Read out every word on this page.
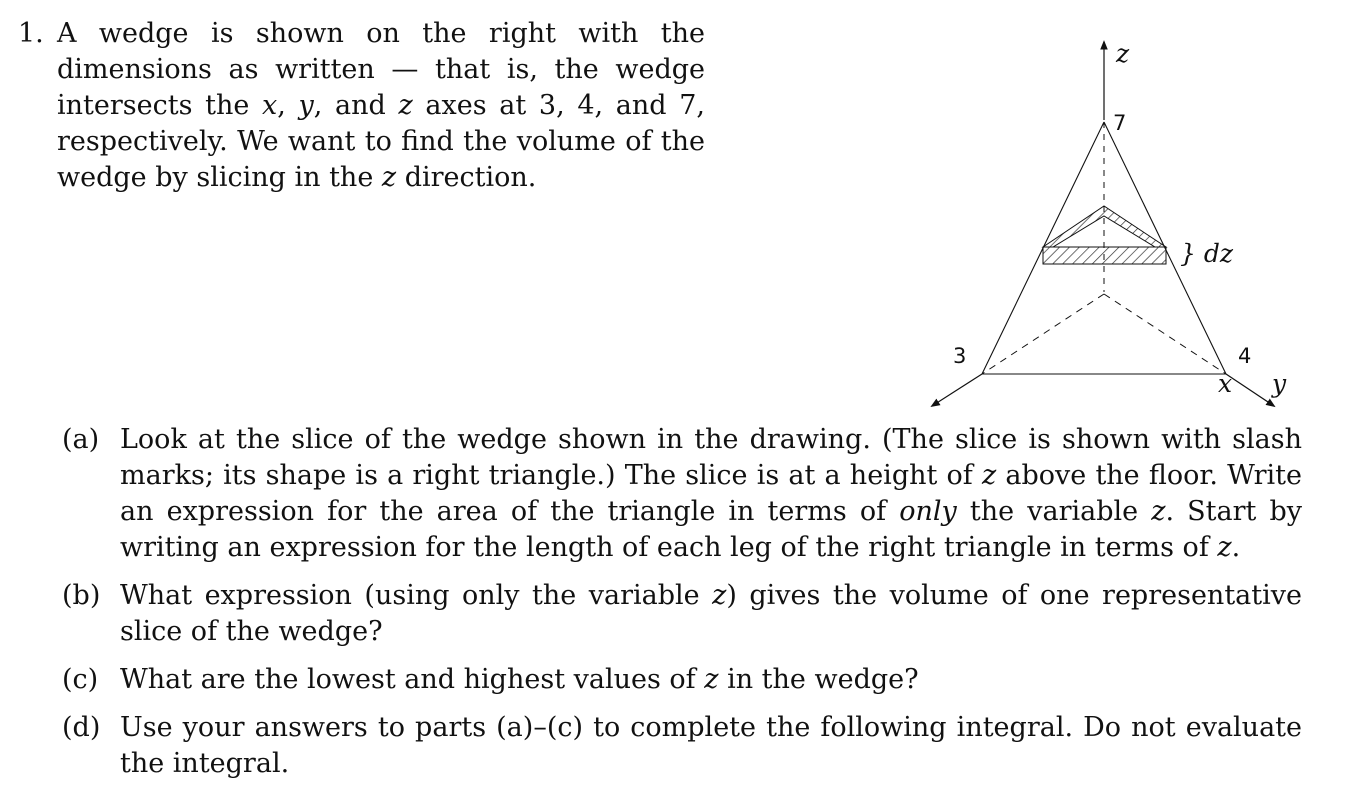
1. A wedge is shown on the right with the dimensions as written — that is, the wedge intersects the x, y, and z axes at 3, 4, and 7, respectively. We want to find the volume of the wedge by slicing in the z direction.
z
7
} dz
3	4
x y
(a) Look at the slice of the wedge shown in the drawing. (The slice is shown with slash marks; its shape is a right triangle.) The slice is at a height of z above the floor. Write an expression for the area of the triangle in terms of only the variable z. Start by writing an expression for the length of each leg of the right triangle in terms of z.
(b) What expression (using only the variable z) gives the volume of one representative slice of the wedge?
(c) What are the lowest and highest values of z in the wedge?
(d) Use your answers to parts (a)–(c) to complete the following integral. Do not evaluate the integral.
